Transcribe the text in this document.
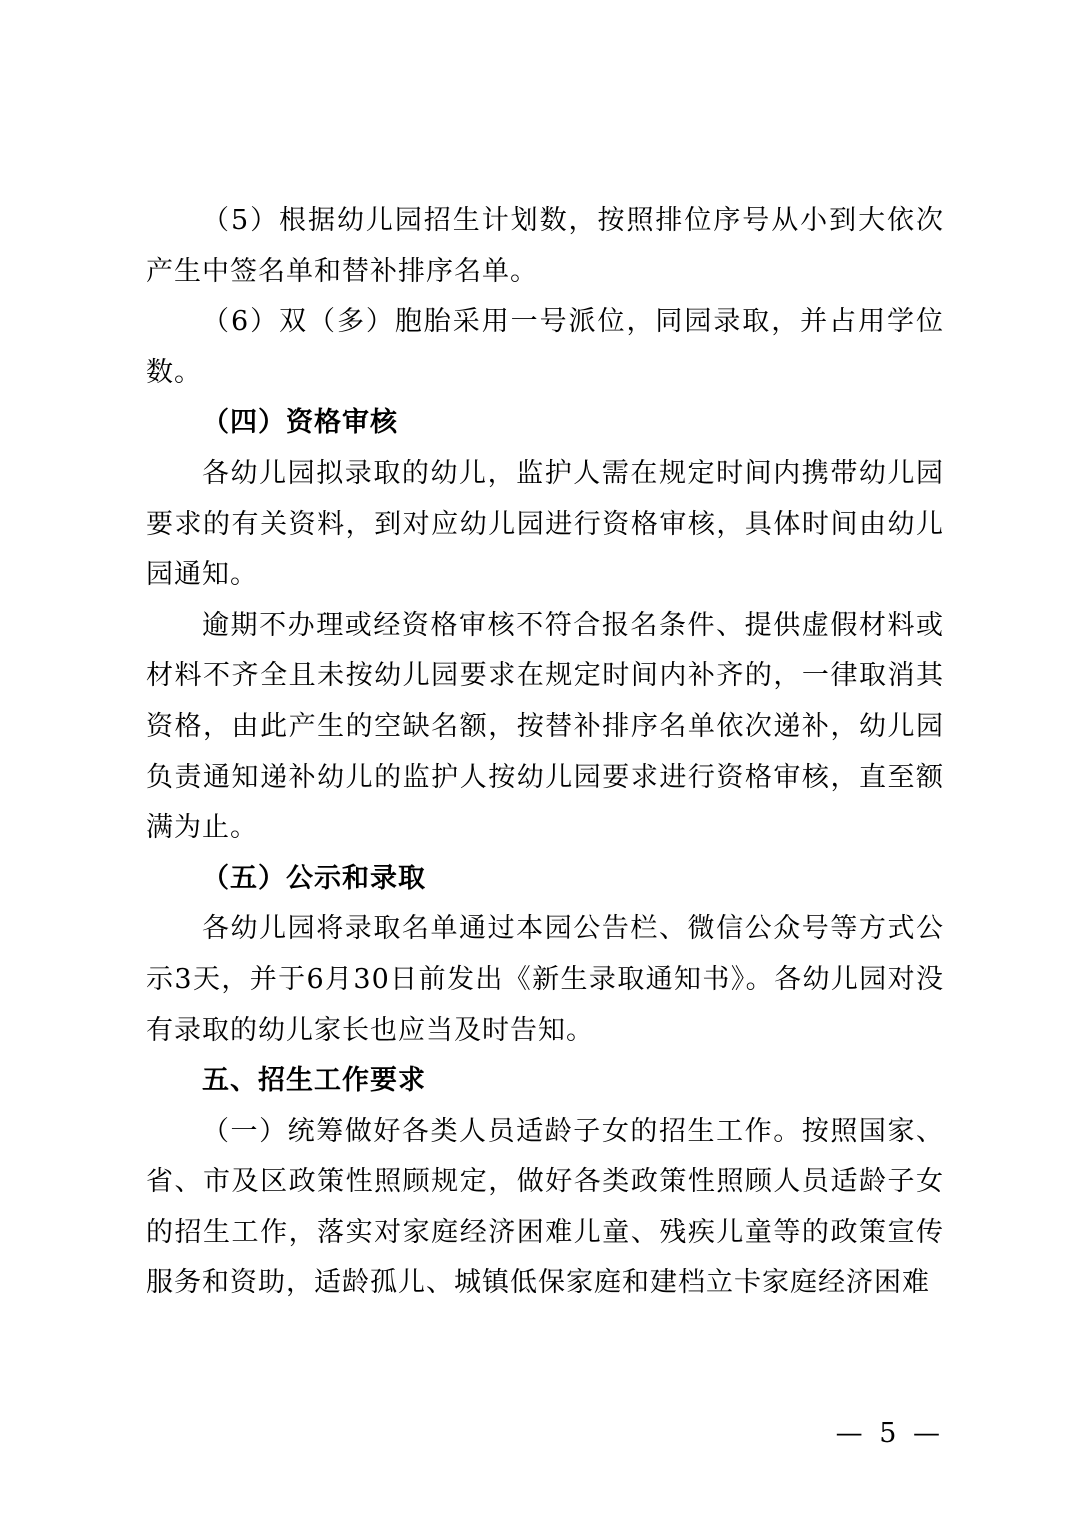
（5）根据幼儿园招生计划数，按照排位序号从小到大依次产生中签名单和替补排序名单。

（6）双（多）胞胎采用一号派位，同园录取，并占用学位数。

（四）资格审核

各幼儿园拟录取的幼儿，监护人需在规定时间内携带幼儿园要求的有关资料，到对应幼儿园进行资格审核，具体时间由幼儿园通知。

逾期不办理或经资格审核不符合报名条件、提供虚假材料或材料不齐全且未按幼儿园要求在规定时间内补齐的，一律取消其资格，由此产生的空缺名额，按替补排序名单依次递补，幼儿园负责通知递补幼儿的监护人按幼儿园要求进行资格审核，直至额满为止。

（五）公示和录取

各幼儿园将录取名单通过本园公告栏、微信公众号等方式公示3天，并于6月30日前发出《新生录取通知书》。各幼儿园对没有录取的幼儿家长也应当及时告知。

五、招生工作要求

（一）统筹做好各类人员适龄子女的招生工作。按照国家、省、市及区政策性照顾规定，做好各类政策性照顾人员适龄子女的招生工作，落实对家庭经济困难儿童、残疾儿童等的政策宣传服务和资助，适龄孤儿、城镇低保家庭和建档立卡家庭经济困难

— 5 —
